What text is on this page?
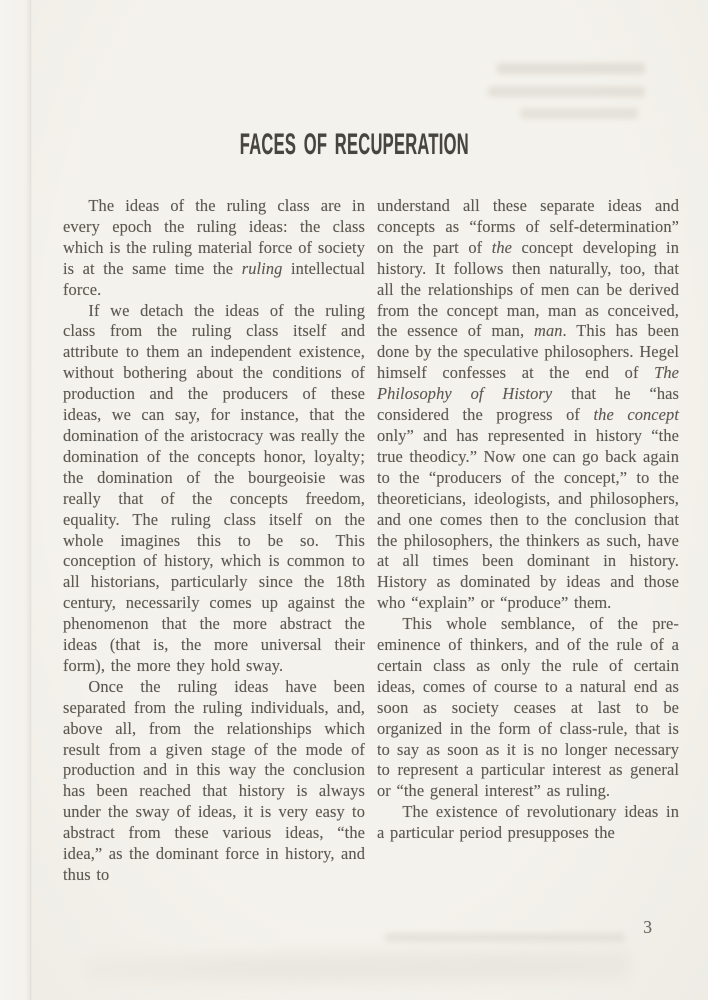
FACES OF RECUPERATION

The ideas of the ruling class are in every epoch the ruling ideas: the class which is the ruling material force of society is at the same time the ruling intellectual force.

If we detach the ideas of the ruling class from the ruling class itself and attribute to them an independent existence, without bothering about the conditions of production and the producers of these ideas, we can say, for instance, that the domination of the aristocracy was really the domination of the concepts honor, loyalty; the domination of the bourgeoisie was really that of the concepts freedom, equality. The ruling class itself on the whole imagines this to be so. This conception of history, which is common to all historians, particularly since the 18th century, necessarily comes up against the phenomenon that the more abstract the ideas (that is, the more universal their form), the more they hold sway.

Once the ruling ideas have been separated from the ruling individuals, and, above all, from the relationships which result from a given stage of the mode of production and in this way the conclusion has been reached that history is always under the sway of ideas, it is very easy to abstract from these various ideas, “the idea,” as the dominant force in history, and thus to

understand all these separate ideas and concepts as “forms of self-determination” on the part of the concept developing in history. It follows then naturally, too, that all the relationships of men can be derived from the concept man, man as conceived, the essence of man, man. This has been done by the speculative philosophers. Hegel himself confesses at the end of The Philosophy of History that he “has considered the progress of the concept only” and has represented in history “the true theodicy.” Now one can go back again to the “producers of the concept,” to the theoreticians, ideologists, and philosophers, and one comes then to the conclusion that the philosophers, the thinkers as such, have at all times been dominant in history. History as dominated by ideas and those who “explain” or “produce” them.

This whole semblance, of the pre-eminence of thinkers, and of the rule of a certain class as only the rule of certain ideas, comes of course to a natural end as soon as society ceases at last to be organized in the form of class-rule, that is to say as soon as it is no longer necessary to represent a particular interest as general or “the general interest” as ruling.

The existence of revolutionary ideas in a particular period presupposes the

3
